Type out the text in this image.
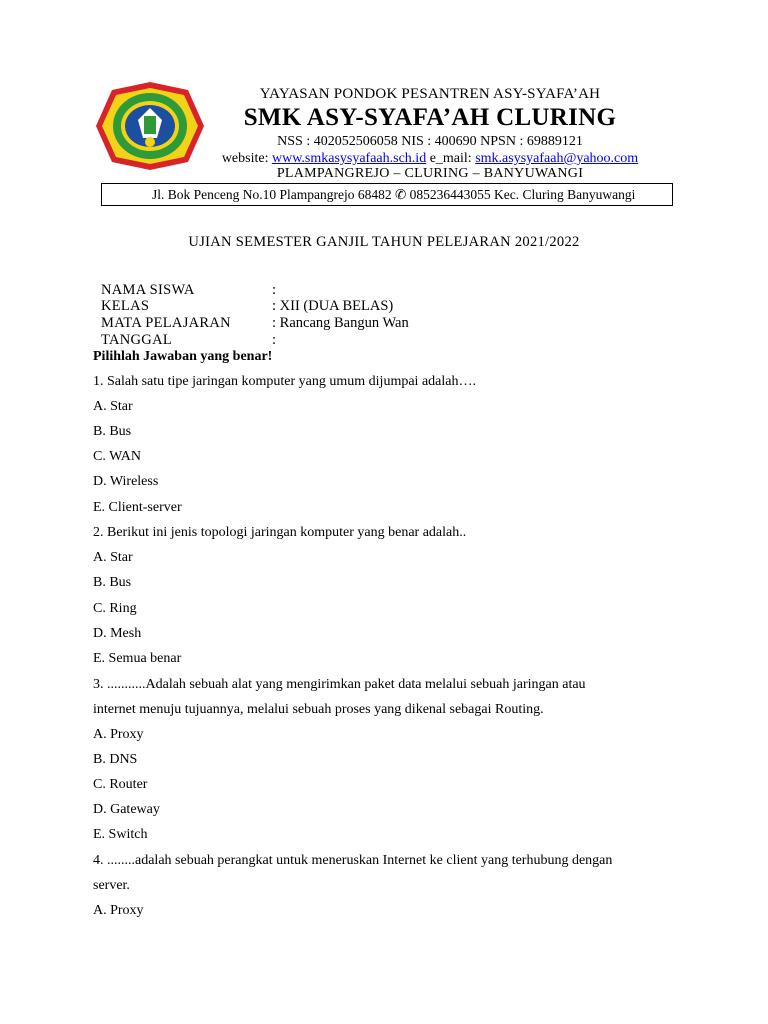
YAYASAN PONDOK PESANTREN ASY-SYAFA’AH
SMK ASY-SYAFA’AH CLURING
NSS : 402052506058 NIS : 400690 NPSN : 69889121
website: www.smkasysyafaah.sch.id e_mail: smk.asysyafaah@yahoo.com
PLAMPANGREJO – CLURING – BANYUWANGI
Jl. Bok Penceng No.10 Plampangrejo 68482 ✆ 085236443055 Kec. Cluring Banyuwangi
UJIAN SEMESTER GANJIL TAHUN PELEJARAN 2021/2022
NAMA SISWA	:
KELAS	: XII (DUA BELAS)
MATA PELAJARAN	: Rancang Bangun Wan
TANGGAL	:
Pilihlah Jawaban yang benar!
1. Salah satu tipe jaringan komputer yang umum dijumpai adalah….
A. Star
B. Bus
C. WAN
D. Wireless
E. Client-server
2. Berikut ini jenis topologi jaringan komputer yang benar adalah..
A. Star
B. Bus
C. Ring
D. Mesh
E. Semua benar
3. ...........Adalah sebuah alat yang mengirimkan paket data melalui sebuah jaringan atau
internet menuju tujuannya, melalui sebuah proses yang dikenal sebagai Routing.
A. Proxy
B. DNS
C. Router
D. Gateway
E. Switch
4. ........adalah sebuah perangkat untuk meneruskan Internet ke client yang terhubung dengan
server.
A. Proxy
